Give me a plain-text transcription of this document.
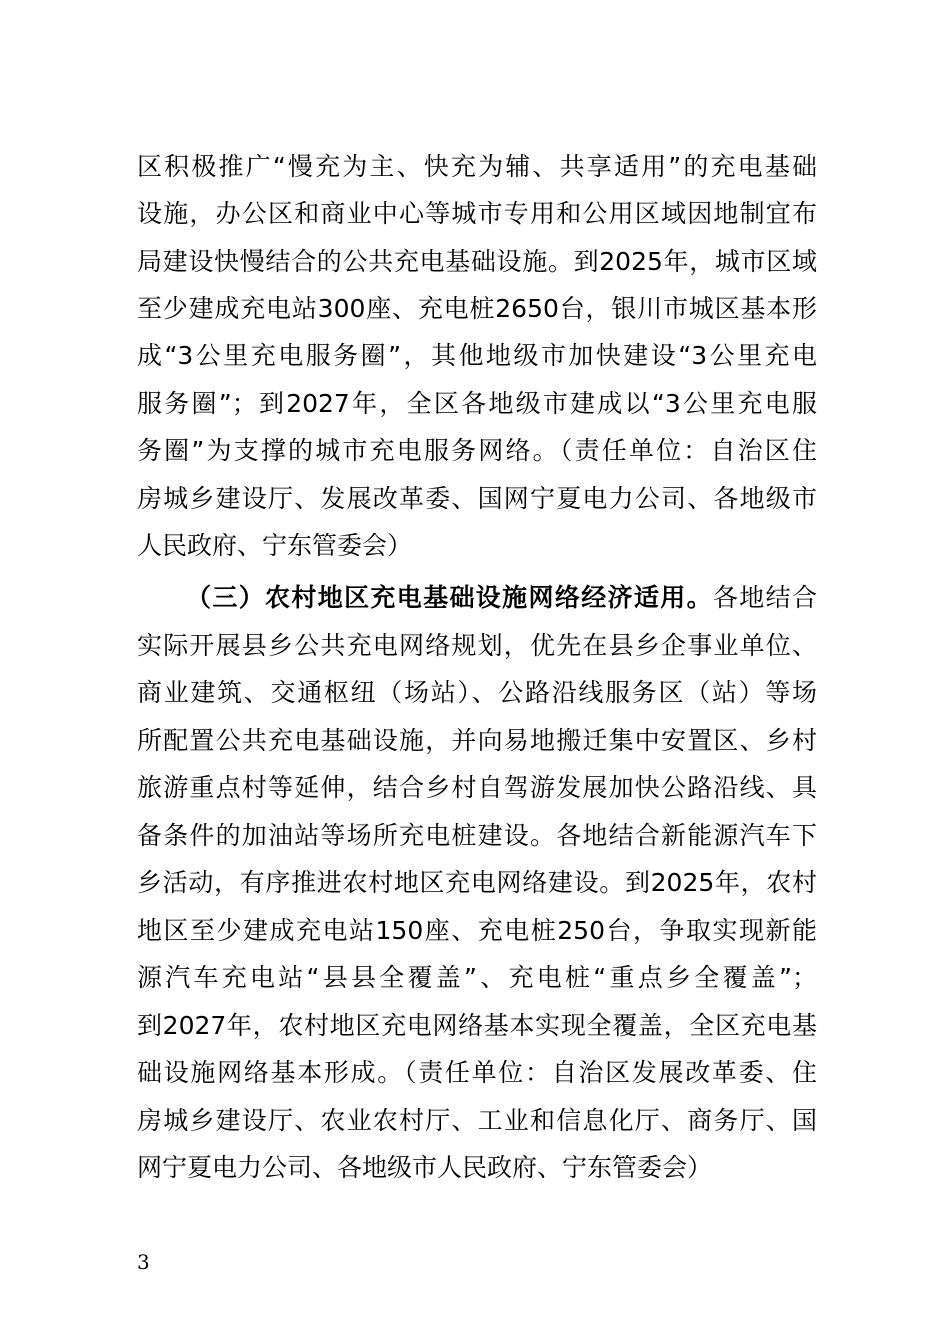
区积极推广“慢充为主、快充为辅、共享适用”的充电基础
设施，办公区和商业中心等城市专用和公用区域因地制宜布
局建设快慢结合的公共充电基础设施。到2025年，城市区域
至少建成充电站300座、充电桩2650台，银川市城区基本形
成“3公里充电服务圈”，其他地级市加快建设“3公里充电
服务圈”；到2027年，全区各地级市建成以“3公里充电服
务圈”为支撑的城市充电服务网络。（责任单位：自治区住
房城乡建设厅、发展改革委、国网宁夏电力公司、各地级市
人民政府、宁东管委会）
（三）农村地区充电基础设施网络经济适用。各地结合
实际开展县乡公共充电网络规划，优先在县乡企事业单位、
商业建筑、交通枢纽（场站）、公路沿线服务区（站）等场
所配置公共充电基础设施，并向易地搬迁集中安置区、乡村
旅游重点村等延伸，结合乡村自驾游发展加快公路沿线、具
备条件的加油站等场所充电桩建设。各地结合新能源汽车下
乡活动，有序推进农村地区充电网络建设。到2025年，农村
地区至少建成充电站150座、充电桩250台，争取实现新能
源汽车充电站“县县全覆盖”、充电桩“重点乡全覆盖”；
到2027年，农村地区充电网络基本实现全覆盖，全区充电基
础设施网络基本形成。（责任单位：自治区发展改革委、住
房城乡建设厅、农业农村厅、工业和信息化厅、商务厅、国
网宁夏电力公司、各地级市人民政府、宁东管委会）
3
